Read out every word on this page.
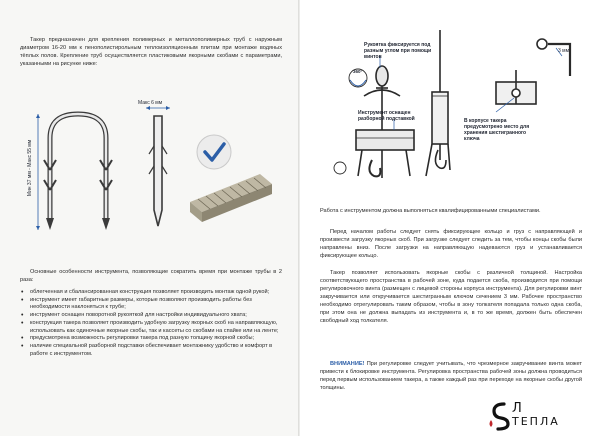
Такер предназначен для крепления полимерных и металлополимерных труб с наружным диаметром 16-20 мм к пенополистирольным теплоизоляционным плитам при монтаже водяных тёплых полов. Крепление труб осуществляется пластиковыми якорными скобами с параметрами, указанными на рисунке ниже:

Макс 6 мм
Мин 37 мм - Макс 55 мм

Основные особенности инструмента, позволяющие сократить время при монтаже трубы в 2 раза:

• облегченная и сбалансированная конструкция позволяет производить монтаж одной рукой;
• инструмент имеет габаритные размеры, которые позволяют производить работы без необходимости наклоняться к трубе;
• инструмент оснащен поворотной рукояткой для настройки индивидуального хвата;
• конструкция такера позволяет производить удобную загрузку якорных скоб на направляющую, использовать как одиночные якорные скобы, так и кассеты со скобами на спайке или на ленте;
• предусмотрена возможность регулировки такера под разную толщину якорной скобы;
• наличие специальной разборной подставки обеспечивает монтажнику удобство и комфорт в работе с инструментом.
Рукоятка фиксируется под разным углом при помощи винтов
Инструмент оснащен разборной подставкой	В корпусе такера предусмотрено место для хранения шестигранного ключа
360°
3 мм

Работа с инструментом должна выполняться квалифицированными специалистами.

Перед началом работы следует снять фиксирующее кольцо и груз с направляющей и произвести загрузку якорных скоб. При загрузке следует следить за тем, чтобы концы скобы были направлены вниз. После загрузки на направляющую надеваются груз и устанавливается фиксирующее кольцо.

Такер позволяет использовать якорные скобы с различной толщиной. Настройка соответствующего пространства в рабочей зоне, куда подается скоба, производится при помощи регулировочного винта (размещен с лицевой стороны корпуса инструмента). Для регулировки винт закручивается или откручивается шестигранным ключом сечением 3 мм. Рабочее пространство необходимо отрегулировать таким образом, чтобы в зону толкателя попадала только одна скоба, при этом она не должна выпадать из инструмента и, в то же время, должен быть обеспечен свободный ход толкателя.

ВНИМАНИЕ! При регулировке следует учитывать, что чрезмерное закручивание винта может привести к блокировке инструмента. Регулировка пространства рабочей зоны должна проводиться перед первым использованием такера, а также каждый раз при переходе на якорные скобы другой толщины.

Л
ТЕПЛА
